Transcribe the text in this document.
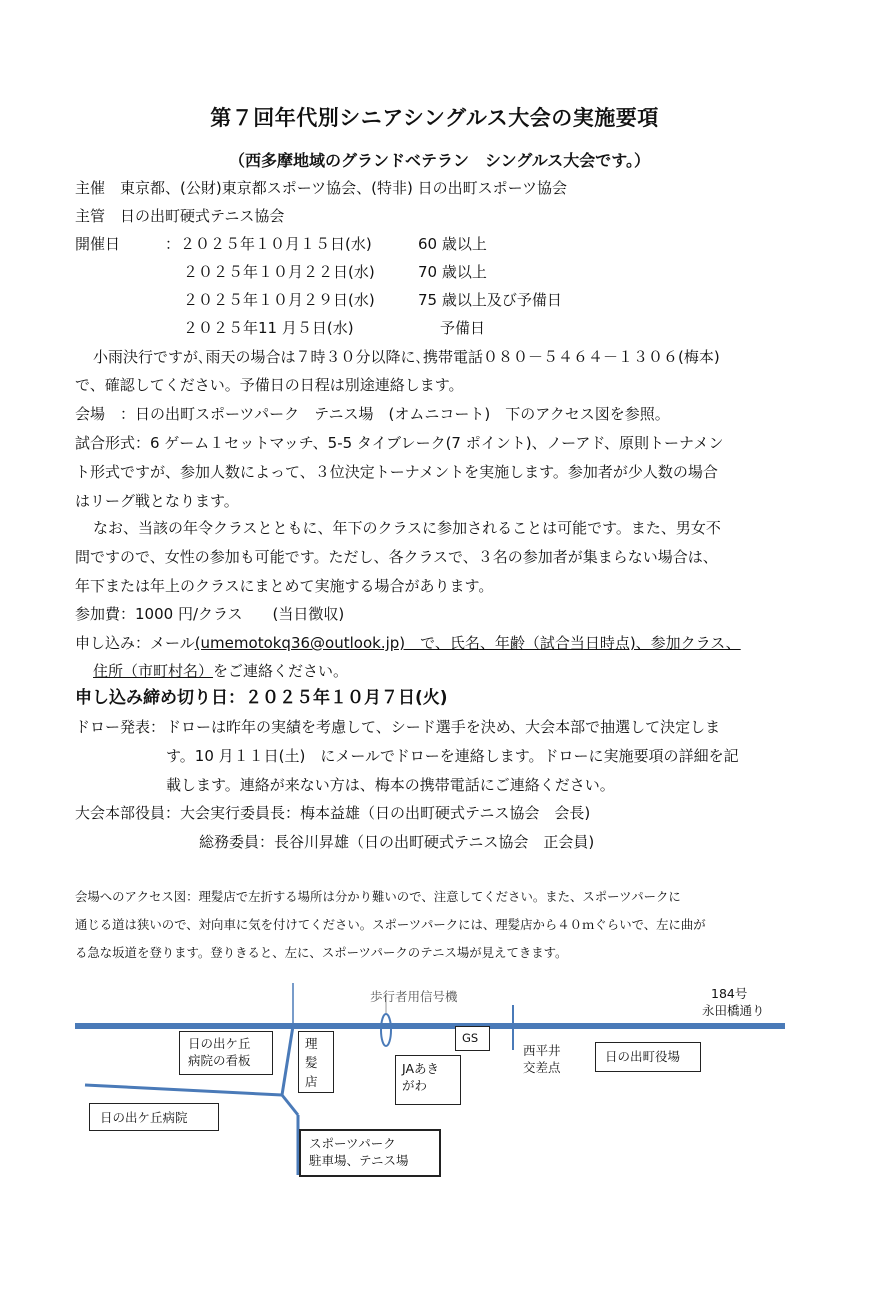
第７回年代別シニアシングルス大会の実施要項
（西多摩地域のグランドベテラン　シングルス大会です。）
主催　東京都、(公財)東京都スポーツ協会、(特非) 日の出町スポーツ協会
主管　日の出町硬式テニス協会
開催日	：２０２５年１０月１５日(水)	60 歳以上
２０２５年１０月２２日(水)	70 歳以上
２０２５年１０月２９日(水)	75 歳以上及び予備日
２０２５年11 月５日(水)	予備日
小雨決行ですが､雨天の場合は７時３０分以降に､携帯電話０８０－５４６４－１３０６(梅本)
で、確認してください。予備日の日程は別途連絡します。
会場　：日の出町スポーツパーク　テニス場　(オムニコート)　下のアクセス図を参照。
試合形式：6 ゲーム１セットマッチ、5-5 タイブレーク(7 ポイント)、ノーアド、原則トーナメン
ト形式ですが、参加人数によって、３位決定トーナメントを実施します。参加者が少人数の場合
はリーグ戦となります。
なお、当該の年令クラスとともに、年下のクラスに参加されることは可能です。また、男女不
問ですので、女性の参加も可能です。ただし、各クラスで、３名の参加者が集まらない場合は、
年下または年上のクラスにまとめて実施する場合があります。
参加費：1000 円/クラス　　(当日徴収)
申し込み：メール(umemotokq36@outlook.jp)　で、氏名、年齢（試合当日時点)、参加クラス、
住所（市町村名）をご連絡ください。
申し込み締め切り日：２０２５年１０月７日(火)
ドロー発表： ドローは昨年の実績を考慮して、シード選手を決め、大会本部で抽選して決定しま
す。10 月１１日(土)　にメールでドローを連絡します。ドローに実施要項の詳細を記
載します。連絡が来ない方は、梅本の携帯電話にご連絡ください。
大会本部役員：大会実行委員長：梅本益雄（日の出町硬式テニス協会　会長)
総務委員：長谷川昇雄（日の出町硬式テニス協会　正会員)
会場へのアクセス図：理髪店で左折する場所は分かり難いので、注意してください。また、スポーツパークに
通じる道は狭いので、対向車に気を付けてください。スポーツパークには、理髪店から４０ｍぐらいで、左に曲が
る急な坂道を登ります。登りきると、左に、スポーツパークのテニス場が見えてきます。
歩行者用信号機	184号
永田橋通り
日の出ケ丘
病院の看板
理
髪
店
JAあき
がわ
GS
西平井
交差点
日の出町役場
日の出ケ丘病院
スポーツパーク
駐車場、テニス場
